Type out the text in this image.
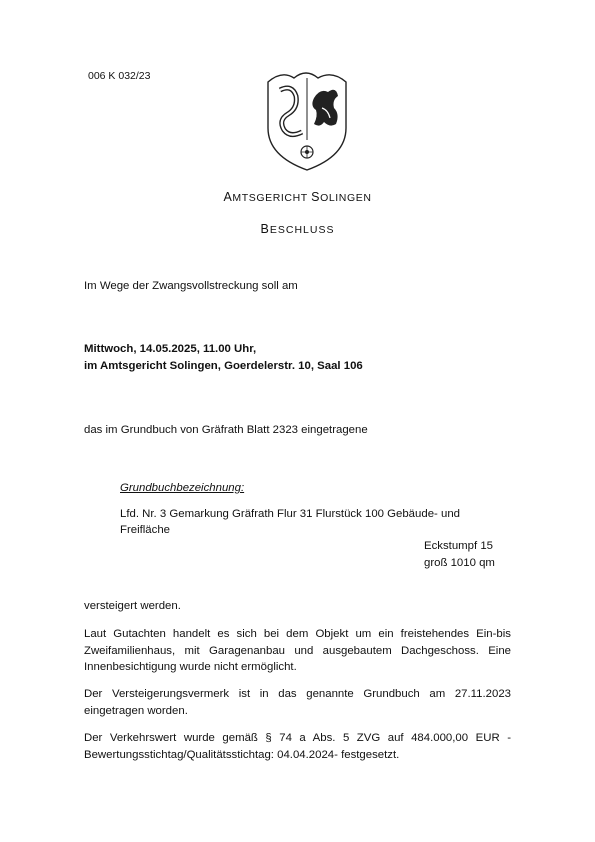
006 K 032/23
AMTSGERICHT SOLINGEN
BESCHLUSS
Im Wege der Zwangsvollstreckung soll am
Mittwoch, 14.05.2025, 11.00 Uhr,
im Amtsgericht Solingen, Goerdelerstr. 10, Saal 106
das im Grundbuch von Gräfrath Blatt 2323 eingetragene
Grundbuchbezeichnung:
Lfd. Nr. 3 Gemarkung Gräfrath Flur 31 Flurstück 100 Gebäude- und
Freifläche
Eckstumpf 15
groß 1010 qm
versteigert werden.
Laut Gutachten handelt es sich bei dem Objekt um ein freistehendes Ein-bis Zweifamilienhaus, mit Garagenanbau und ausgebautem Dachgeschoss. Eine Innenbesichtigung wurde nicht ermöglicht.
Der Versteigerungsvermerk ist in das genannte Grundbuch am 27.11.2023 eingetragen worden.
Der Verkehrswert wurde gemäß § 74 a Abs. 5 ZVG auf 484.000,00 EUR - Bewertungsstichtag/Qualitätsstichtag: 04.04.2024- festgesetzt.
